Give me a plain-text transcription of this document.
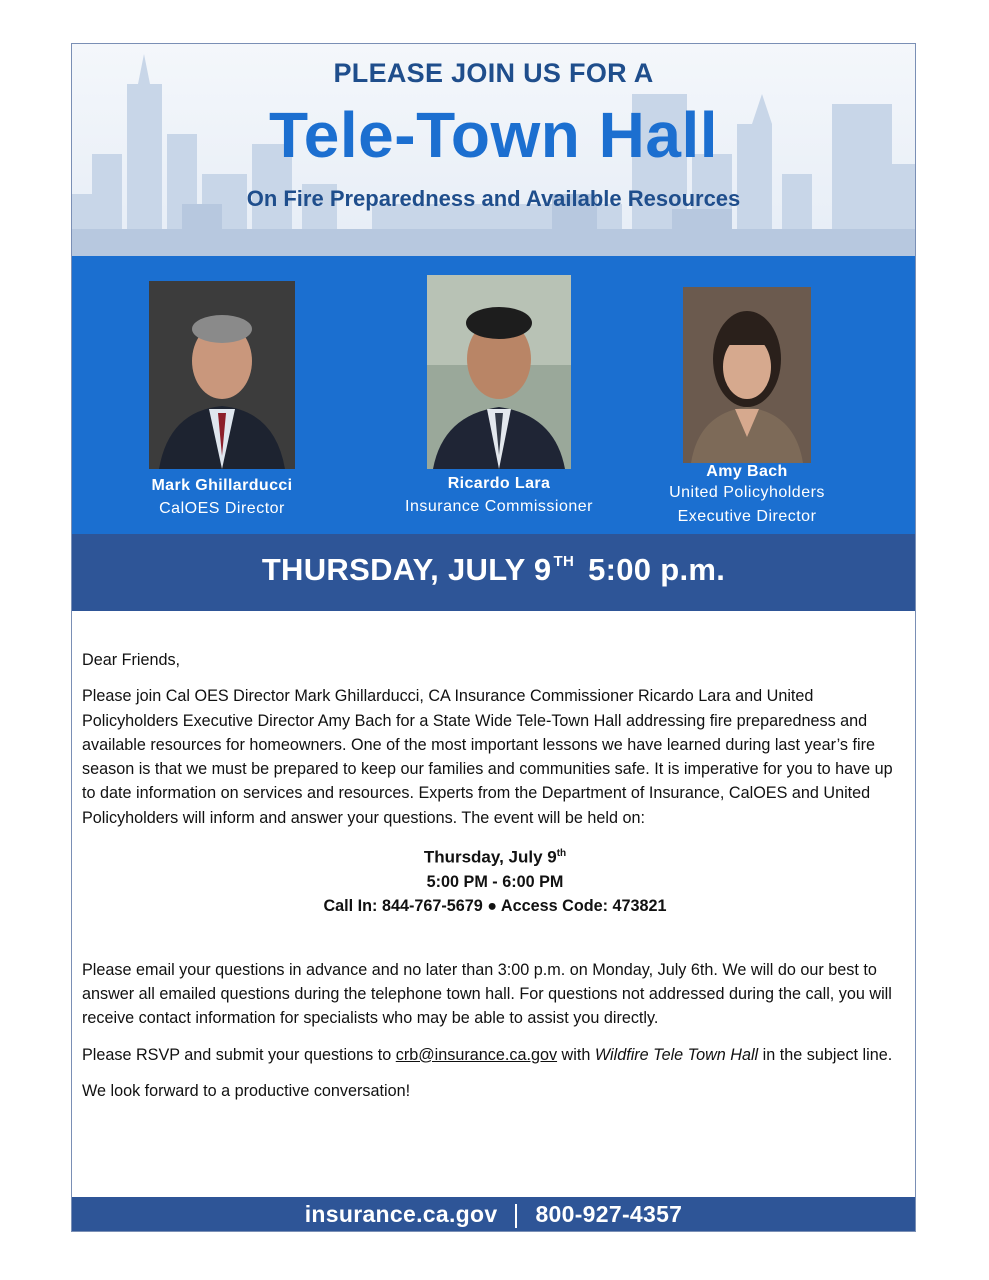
PLEASE JOIN US FOR A
Tele-Town Hall
On Fire Preparedness and Available Resources
Mark Ghillarducci
CalOES Director
Ricardo Lara
Insurance Commissioner
Amy Bach
United Policyholders
Executive Director
THURSDAY, JULY 9 $^{TH}$ 5:00 p.m.

Dear Friends,

Please join Cal OES Director Mark Ghillarducci, CA Insurance Commissioner Ricardo Lara and United Policyholders Executive Director Amy Bach for a State Wide Tele-Town Hall addressing fire preparedness and available resources for homeowners. One of the most important lessons we have learned during last year’s fire season is that we must be prepared to keep our families and communities safe. It is imperative for you to have up to date information on services and resources. Experts from the Department of Insurance, CalOES and United Policyholders will inform and answer your questions. The event will be held on:

Thursday, July 9th
5:00 PM - 6:00 PM
Call In: 844-767-5679 ● Access Code: 473821

Please email your questions in advance and no later than 3:00 p.m. on Monday, July 6th. We will do our best to answer all emailed questions during the telephone town hall. For questions not addressed during the call, you will receive contact information for specialists who may be able to assist you directly.

Please RSVP and submit your questions to crb@insurance.ca.gov with Wildfire Tele Town Hall in the subject line.

We look forward to a productive conversation!

insurance.ca.gov 800-927-4357
